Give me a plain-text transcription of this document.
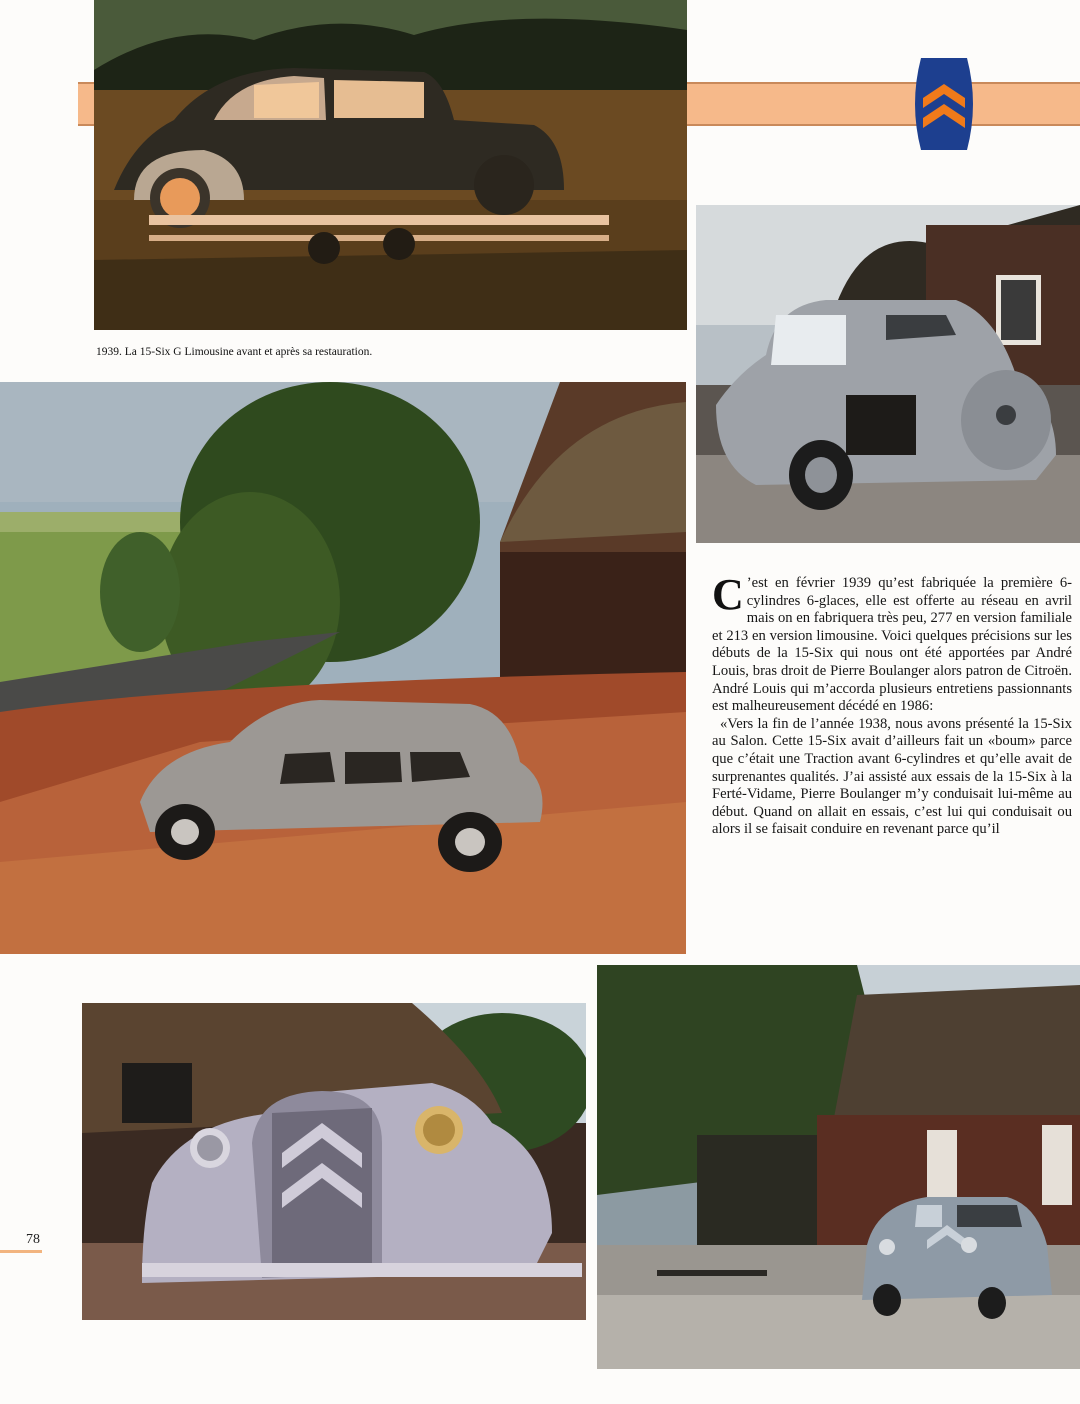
1939. La 15-Six G Limousine avant et après sa restauration.

C ’est en février 1939 qu’est fabriquée la première 6-cylindres 6-glaces, elle est offerte au réseau en avril mais on en fabriquera très peu, 277 en version familiale et 213 en version limousine. Voici quelques précisions sur les débuts de la 15-Six qui nous ont été apportées par André Louis, bras droit de Pierre Boulanger alors patron de Citroën. André Louis qui m’accorda plusieurs entretiens passionnants est malheureusement décédé en 1986:

«Vers la fin de l’année 1938, nous avons présenté la 15-Six au Salon. Cette 15-Six avait d’ailleurs fait un «boum» parce que c’était une Traction avant 6-cylindres et qu’elle avait de surprenantes qualités. J’ai assisté aux essais de la 15-Six à la Ferté-Vidame, Pierre Boulanger m’y conduisait lui-même au début. Quand on allait en essais, c’est lui qui conduisait ou alors il se faisait conduire en revenant parce qu’il

78
